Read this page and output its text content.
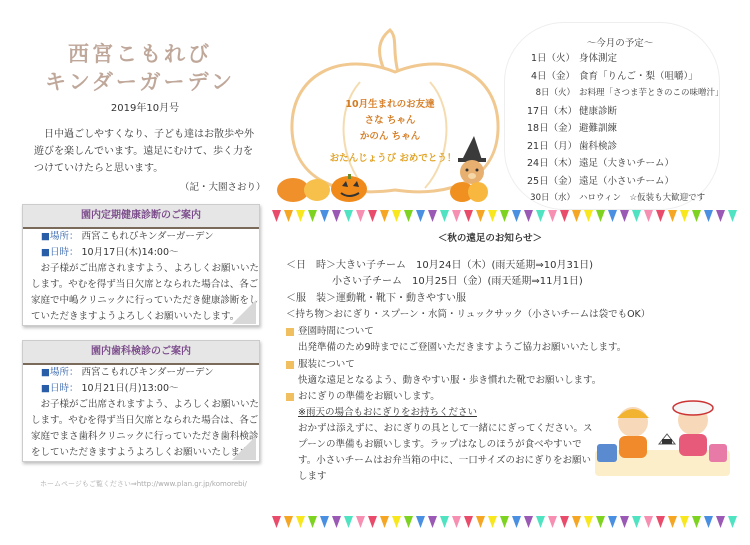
西宮こもれび
キンダーガーデン
2019年10月号
日中過ごしやすくなり、子ども達はお散歩や外遊びを楽しんでいます。遠足にむけて、歩く力をつけていけたらと思います。
（記・大園さおり）
園内定期健康診断のご案内
■場所： 西宮こもれびキンダーガーデン
■日時： 10月17日(木)14:00～
お子様がご出席されますよう、よろしくお願いいたします。やむを得ず当日欠席となられた場合は、各ご家庭で中嶋クリニックに行っていただき健康診断をしていただきますようよろしくお願いいたします。
園内歯科検診のご案内
■場所： 西宮こもれびキンダーガーデン
■日時： 10月21日(月)13:00～
お子様がご出席されますよう、よろしくお願いいたします。やむを得ず当日欠席となられた場合は、各ご家庭でまさ歯科クリニックに行っていただき歯科検診をしていただきますようよろしくお願いいたします。
ホームページもご覧ください⇒http://www.plan.gr.jp/komorebi/
10月生まれのお友達
さな ちゃん
かのん ちゃん
おたんじょうび おめでとう！
～今月の予定～
1日（火） 身体測定
4日（金） 食育「りんご・梨（咀嚼）」
8日（火） お料理「さつま芋ときのこの味噌汁」
17日（木） 健康診断
18日（金） 避難訓練
21日（月） 歯科検診
24日（木） 遠足（大きいチーム）
25日（金） 遠足（小さいチーム）
30日（水） ハロウィン　☆仮装も大歓迎です
＜秋の遠足のお知らせ＞
＜日　時＞大きい子チーム　10月24日（木）(雨天延期⇒10月31日)
小さい子チーム　10月25日（金）(雨天延期⇒11月1日)
＜服　装＞運動靴・靴下・動きやすい服
＜持ち物＞おにぎり・スプーン・水筒・リュックサック（小さいチームは袋でもOK）
登園時間について
出発準備のため9時までにご登園いただきますようご協力お願いいたします。
服装について
快適な遠足となるよう、動きやすい服・歩き慣れた靴でお願いします。
おにぎりの準備をお願いします。
※雨天の場合もおにぎりをお持ちください
おかずは添えずに、おにぎりの具として一緒ににぎってください。スプーンの準備もお願いします。ラップはなしのほうが食べやすいです。小さいチームはお弁当箱の中に、一口サイズのおにぎりをお願いします
